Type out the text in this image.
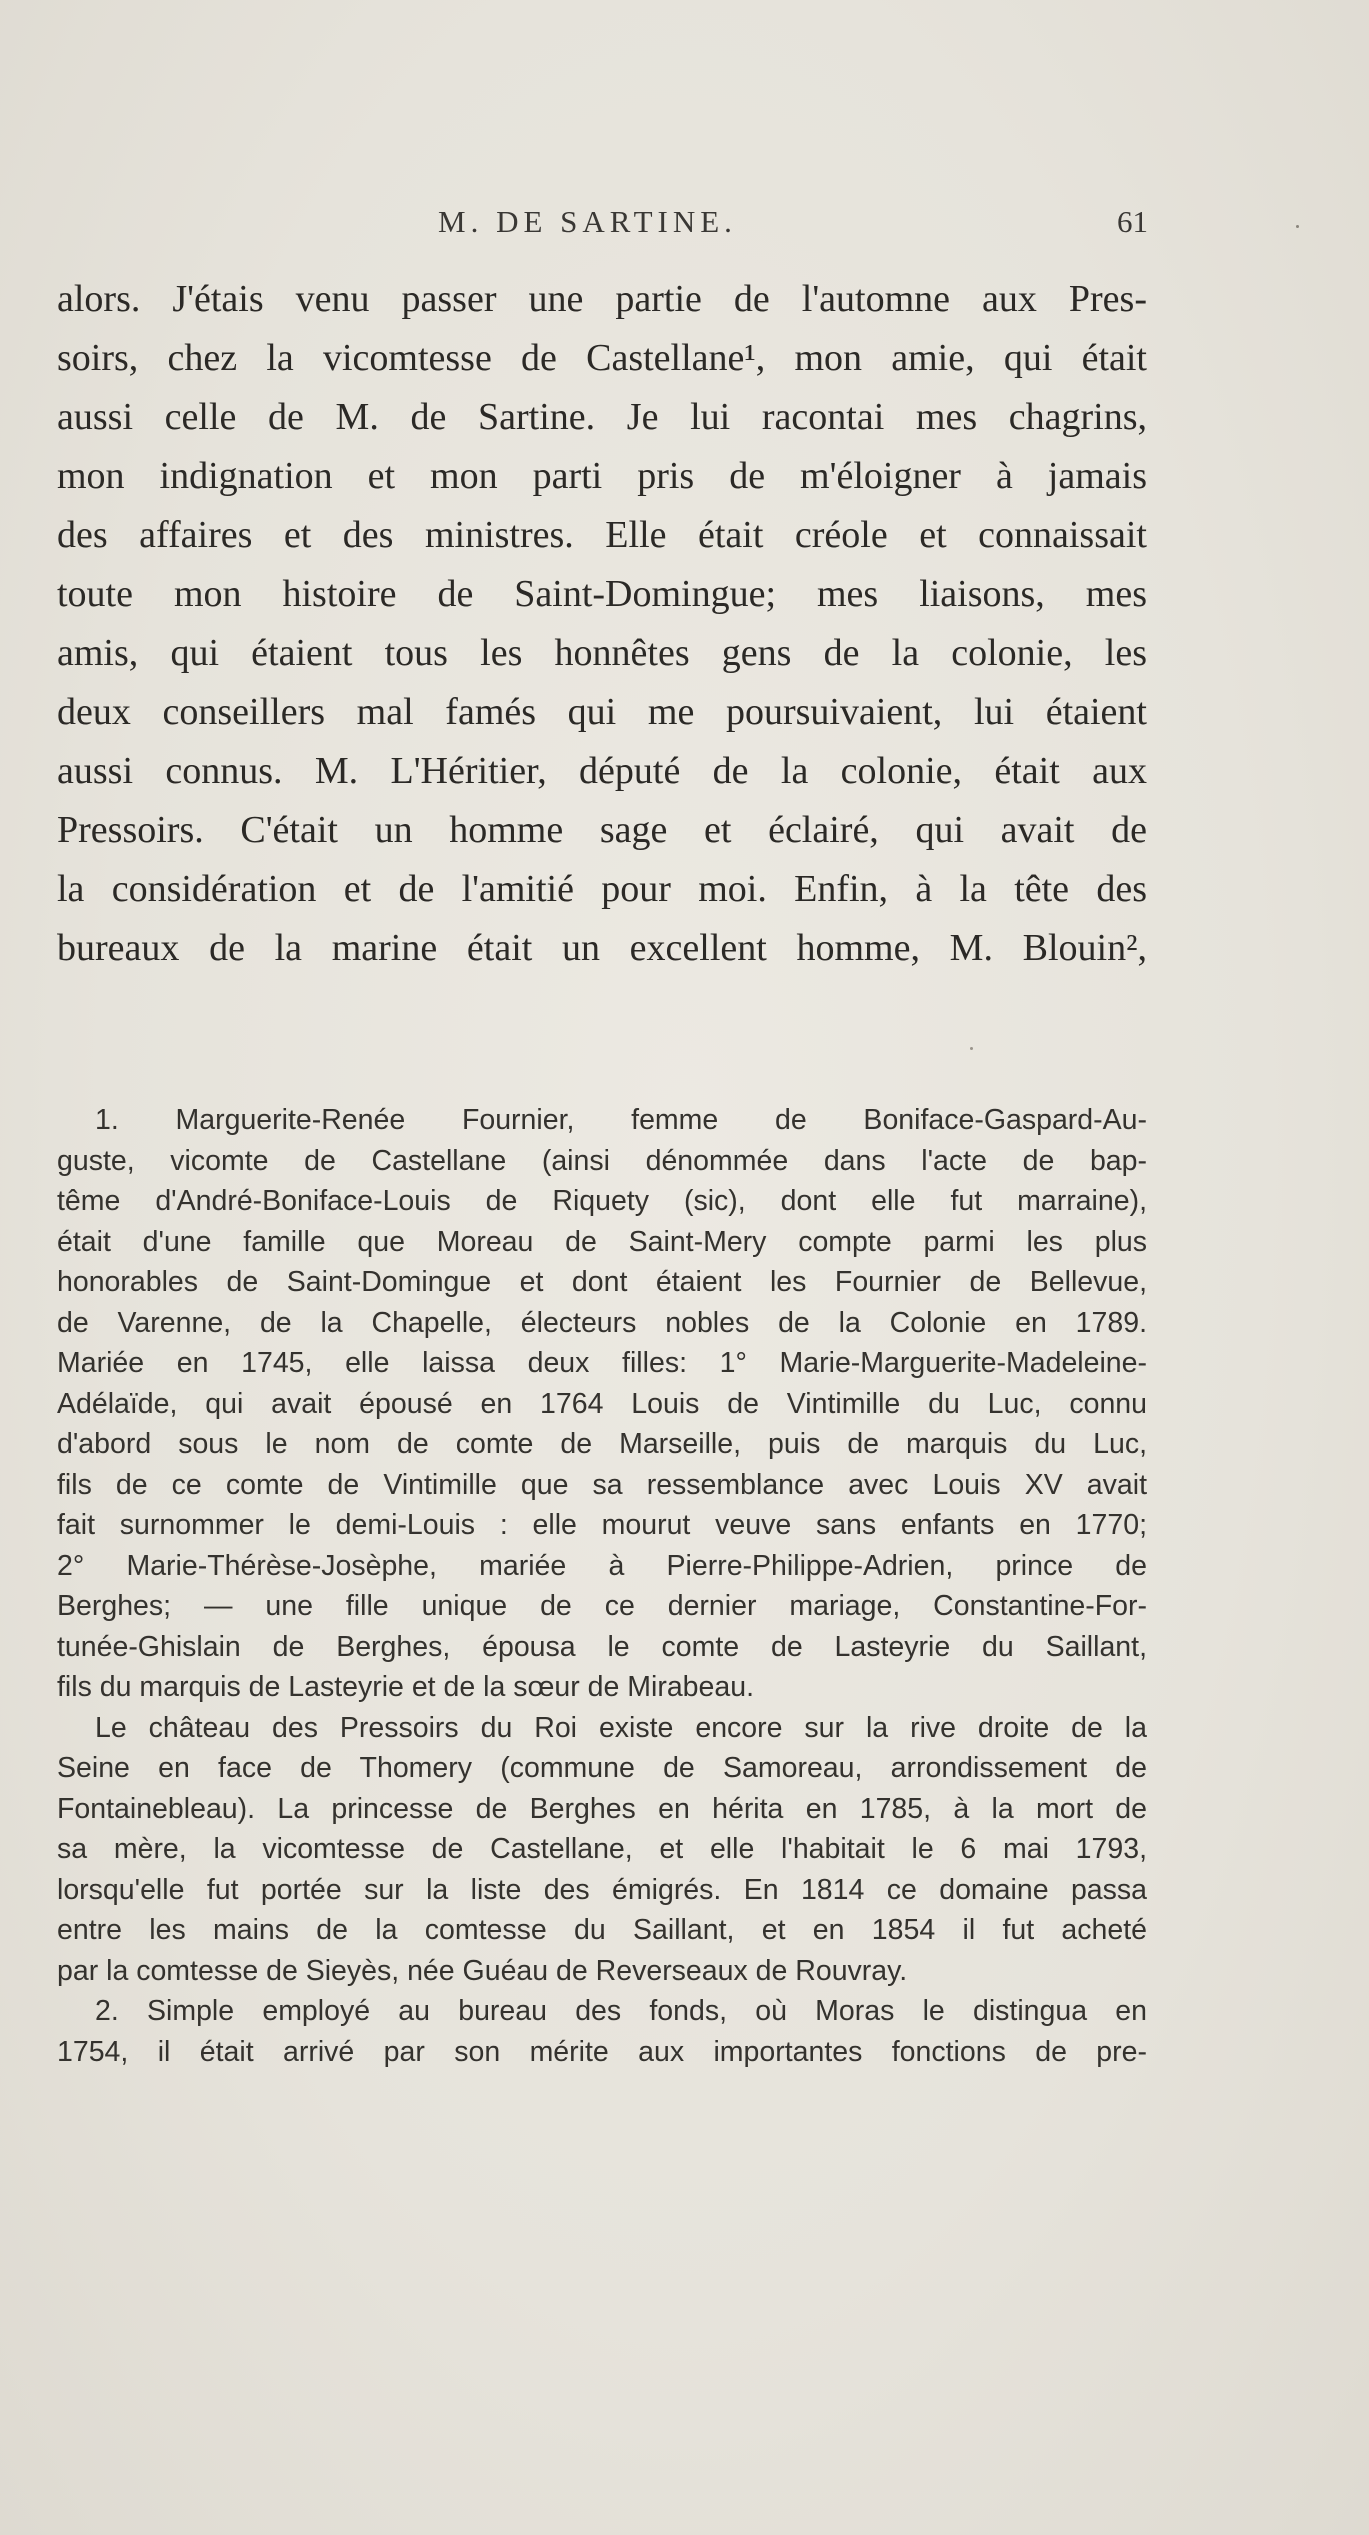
M. DE SARTINE.	61
alors. J'étais venu passer une partie de l'automne aux Pres-
soirs, chez la vicomtesse de Castellane¹, mon amie, qui était
aussi celle de M. de Sartine. Je lui racontai mes chagrins,
mon indignation et mon parti pris de m'éloigner à jamais
des affaires et des ministres. Elle était créole et connaissait
toute mon histoire de Saint-Domingue; mes liaisons, mes
amis, qui étaient tous les honnêtes gens de la colonie, les
deux conseillers mal famés qui me poursuivaient, lui étaient
aussi connus. M. L'Héritier, député de la colonie, était aux
Pressoirs. C'était un homme sage et éclairé, qui avait de
la considération et de l'amitié pour moi. Enfin, à la tête des
bureaux de la marine était un excellent homme, M. Blouin²,
1. Marguerite-Renée Fournier, femme de Boniface-Gaspard-Au-
guste, vicomte de Castellane (ainsi dénommée dans l'acte de bap-
tême d'André-Boniface-Louis de Riquety (sic), dont elle fut marraine),
était d'une famille que Moreau de Saint-Mery compte parmi les plus
honorables de Saint-Domingue et dont étaient les Fournier de Bellevue,
de Varenne, de la Chapelle, électeurs nobles de la Colonie en 1789.
Mariée en 1745, elle laissa deux filles: 1° Marie-Marguerite-Madeleine-
Adélaïde, qui avait épousé en 1764 Louis de Vintimille du Luc, connu
d'abord sous le nom de comte de Marseille, puis de marquis du Luc,
fils de ce comte de Vintimille que sa ressemblance avec Louis XV avait
fait surnommer le demi-Louis : elle mourut veuve sans enfants en 1770;
2° Marie-Thérèse-Josèphe, mariée à Pierre-Philippe-Adrien, prince de
Berghes; — une fille unique de ce dernier mariage, Constantine-For-
tunée-Ghislain de Berghes, épousa le comte de Lasteyrie du Saillant,
fils du marquis de Lasteyrie et de la sœur de Mirabeau.
Le château des Pressoirs du Roi existe encore sur la rive droite de la
Seine en face de Thomery (commune de Samoreau, arrondissement de
Fontainebleau). La princesse de Berghes en hérita en 1785, à la mort de
sa mère, la vicomtesse de Castellane, et elle l'habitait le 6 mai 1793,
lorsqu'elle fut portée sur la liste des émigrés. En 1814 ce domaine passa
entre les mains de la comtesse du Saillant, et en 1854 il fut acheté
par la comtesse de Sieyès, née Guéau de Reverseaux de Rouvray.
2. Simple employé au bureau des fonds, où Moras le distingua en
1754, il était arrivé par son mérite aux importantes fonctions de pre-
